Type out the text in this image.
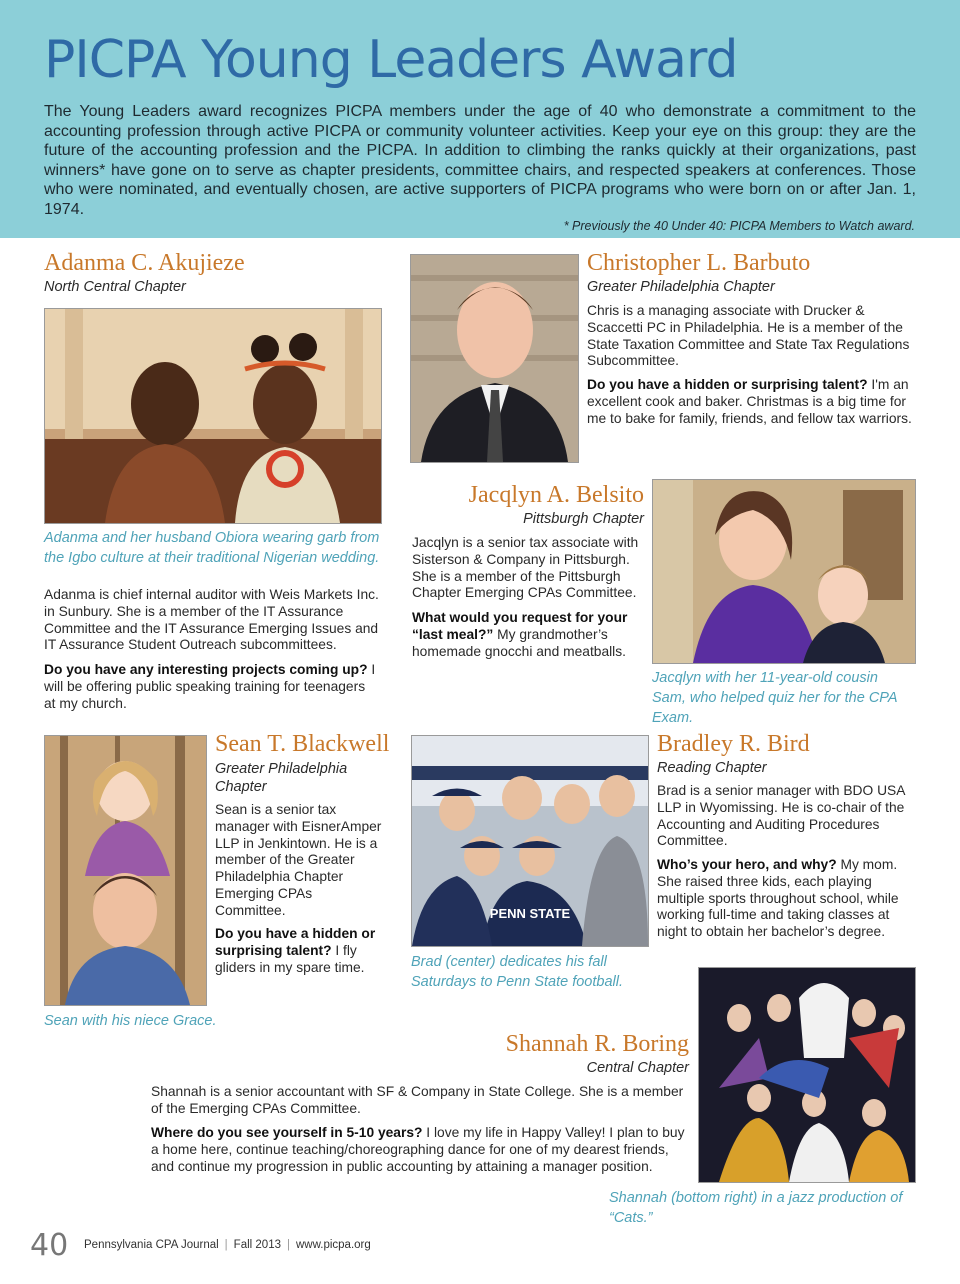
PICPA Young Leaders Award

The Young Leaders award recognizes PICPA members under the age of 40 who demonstrate a commitment to the accounting profession through active PICPA or community volunteer activities. Keep your eye on this group: they are the future of the accounting profession and the PICPA. In addition to climbing the ranks quickly at their organizations, past winners* have gone on to serve as chapter presidents, committee chairs, and respected speakers at conferences. Those who were nominated, and eventually chosen, are active supporters of PICPA programs who were born on or after Jan. 1, 1974.

* Previously the 40 Under 40: PICPA Members to Watch award.

Adanma C. Akujieze

North Central Chapter

Adanma and her husband Obiora wearing garb from the Igbo culture at their traditional Nigerian wedding.

Adanma is chief internal auditor with Weis Markets Inc. in Sunbury. She is a member of the IT Assurance Committee and the IT Assurance Emerging Issues and IT Assurance Student Outreach subcommittees.

Do you have any interesting projects coming up? I will be offering public speaking training for teenagers at my church.

Christopher L. Barbuto

Greater Philadelphia Chapter

Chris is a managing associate with Drucker & Scaccetti PC in Philadelphia. He is a member of the State Taxation Committee and State Tax Regulations Subcommittee.

Do you have a hidden or surprising talent? I'm an excellent cook and baker. Christmas is a big time for me to bake for family, friends, and fellow tax warriors.

Jacqlyn A. Belsito

Pittsburgh Chapter

Jacqlyn is a senior tax associate with Sisterson & Company in Pittsburgh. She is a member of the Pittsburgh Chapter Emerging CPAs Committee.

What would you request for your “last meal?” My grandmother’s homemade gnocchi and meatballs.

Jacqlyn with her 11-year-old cousin Sam, who helped quiz her for the CPA Exam.

Sean T. Blackwell

Greater Philadelphia Chapter

Sean is a senior tax manager with EisnerAmper LLP in Jenkintown. He is a member of the Greater Philadelphia Chapter Emerging CPAs Committee.

Do you have a hidden or surprising talent? I fly gliders in my spare time.

Sean with his niece Grace.

PENN STATE

Brad (center) dedicates his fall Saturdays to Penn State football.

Bradley R. Bird

Reading Chapter

Brad is a senior manager with BDO USA LLP in Wyomissing. He is co-chair of the Accounting and Auditing Procedures Committee.

Who’s your hero, and why? My mom. She raised three kids, each playing multiple sports throughout school, while working full-time and taking classes at night to obtain her bachelor’s degree.

Shannah R. Boring

Central Chapter

Shannah is a senior accountant with SF & Company in State College. She is a member of the Emerging CPAs Committee.

Where do you see yourself in 5-10 years? I love my life in Happy Valley! I plan to buy a home here, continue teaching/choreographing dance for one of my dearest friends, and continue my progression in public accounting by attaining a manager position.

Shannah (bottom right) in a jazz production of “Cats.”

40 Pennsylvania CPA Journal | Fall 2013 | www.picpa.org
